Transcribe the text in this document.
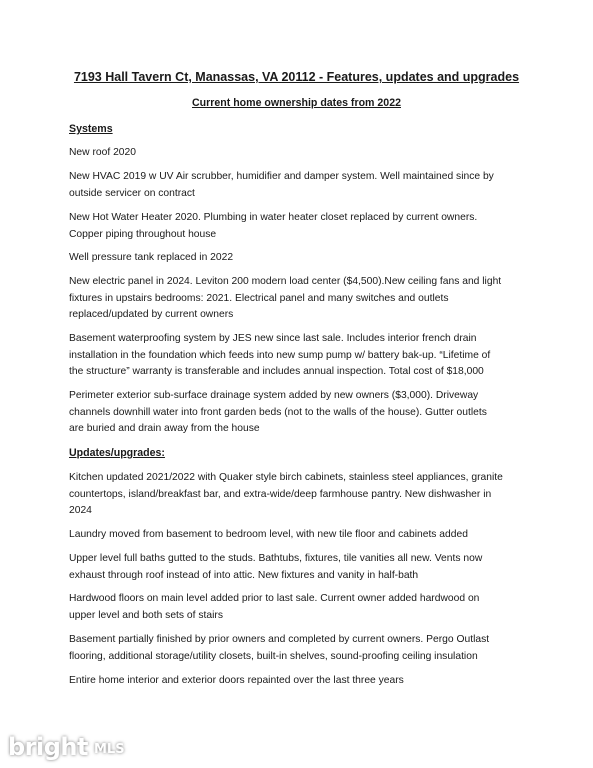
7193 Hall Tavern Ct, Manassas, VA 20112 - Features, updates and upgrades
Current home ownership dates from 2022
Systems
New roof 2020
New HVAC 2019 w UV Air scrubber, humidifier and damper system. Well maintained since by
outside servicer on contract
New Hot Water Heater 2020. Plumbing in water heater closet replaced by current owners.
Copper piping throughout house
Well pressure tank replaced in 2022
New electric panel in 2024. Leviton 200 modern load center ($4,500).New ceiling fans and light
fixtures in upstairs bedrooms: 2021. Electrical panel and many switches and outlets
replaced/updated by current owners
Basement waterproofing system by JES new since last sale. Includes interior french drain
installation in the foundation which feeds into new sump pump w/ battery bak-up. “Lifetime of
the structure” warranty is transferable and includes annual inspection. Total cost of $18,000
Perimeter exterior sub-surface drainage system added by new owners ($3,000). Driveway
channels downhill water into front garden beds (not to the walls of the house). Gutter outlets
are buried and drain away from the house
Updates/upgrades:
Kitchen updated 2021/2022 with Quaker style birch cabinets, stainless steel appliances, granite
countertops, island/breakfast bar, and extra-wide/deep farmhouse pantry. New dishwasher in
2024
Laundry moved from basement to bedroom level, with new tile floor and cabinets added
Upper level full baths gutted to the studs. Bathtubs, fixtures, tile vanities all new. Vents now
exhaust through roof instead of into attic. New fixtures and vanity in half-bath
Hardwood floors on main level added prior to last sale. Current owner added hardwood on
upper level and both sets of stairs
Basement partially finished by prior owners and completed by current owners. Pergo Outlast
flooring, additional storage/utility closets, built-in shelves, sound-proofing ceiling insulation
Entire home interior and exterior doors repainted over the last three years
bright MLS
